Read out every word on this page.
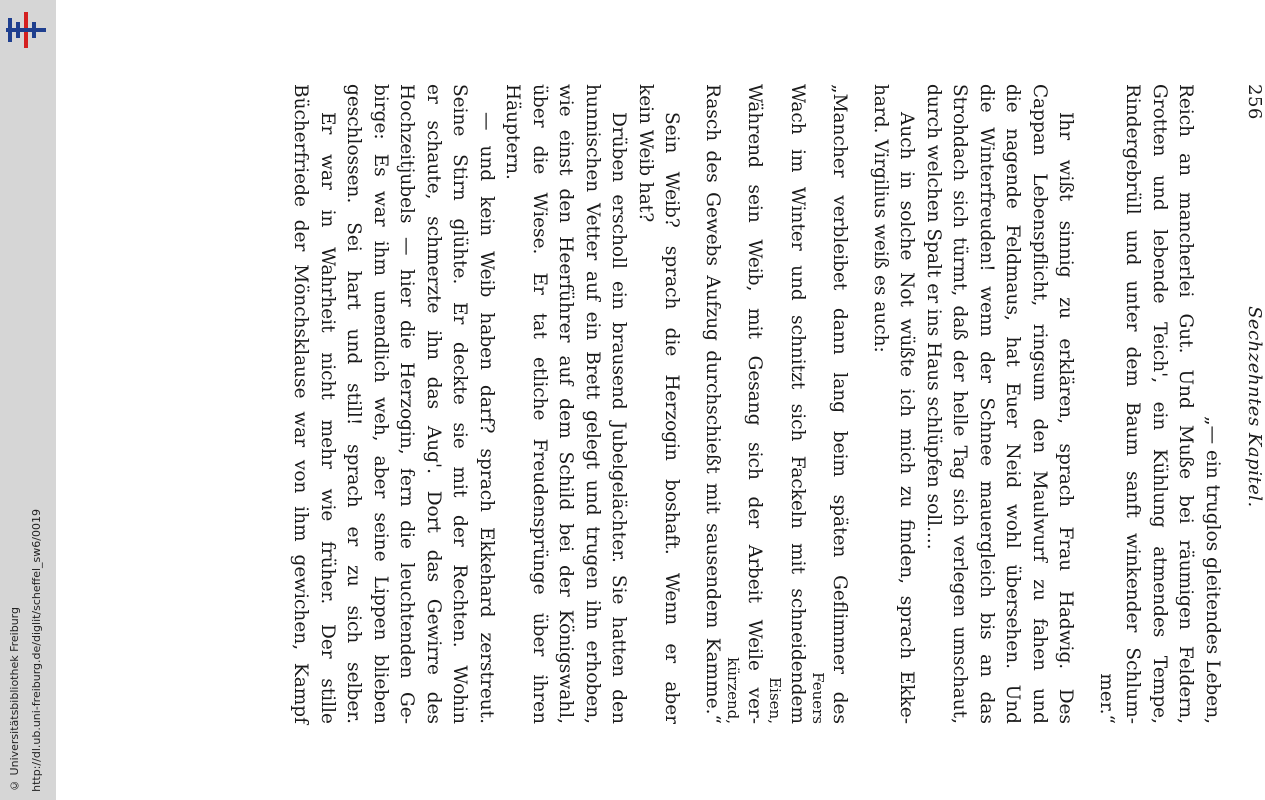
http://dl.ub.uni-freiburg.de/diglit/scheffel_sw6/0019
© Universitätsbibliothek Freiburg
256
Sechzehntes Kapitel.
„— ein truglos gleitendes Leben,
Reich an mancherlei Gut. Und Muße bei räumigen Feldern,
Grotten und lebende Teich', ein Kühlung atmendes Tempe,
Rindergebrüll und unter dem Baum sanft winkender Schlum-
mer.“
Ihr wißt sinnig zu erklären, sprach Frau Hadwig. Des
Cappan Lebenspflicht, ringsum den Maulwurf zu fahen und
die nagende Feldmaus, hat Euer Neid wohl übersehen. Und
die Winterfreuden! wenn der Schnee mauergleich bis an das
Strohdach sich türmt, daß der helle Tag sich verlegen umschaut,
durch welchen Spalt er ins Haus schlüpfen soll....
Auch in solche Not wüßte ich mich zu finden, sprach Ekke-
hard. Virgilius weiß es auch:
„Mancher verbleibet dann lang beim späten Geflimmer des
Feuers
Wach im Winter und schnitzt sich Fackeln mit schneidendem
Eisen,
Während sein Weib, mit Gesang sich der Arbeit Weile ver-
kürzend,
Rasch des Gewebs Aufzug durchschießt mit sausendem Kamme.“
Sein Weib? sprach die Herzogin boshaft. Wenn er aber
kein Weib hat?
Drüben erscholl ein brausend Jubelgelächter. Sie hatten den
hunnischen Vetter auf ein Brett gelegt und trugen ihn erhoben,
wie einst den Heerführer auf dem Schild bei der Königswahl,
über die Wiese. Er tat etliche Freudensprünge über ihren
Häuptern.
— und kein Weib haben darf? sprach Ekkehard zerstreut.
Seine Stirn glühte. Er deckte sie mit der Rechten. Wohin
er schaute, schmerzte ihn das Aug'. Dort das Gewirre des
Hochzeitjubels — hier die Herzogin, fern die leuchtenden Ge-
birge: Es war ihm unendlich weh, aber seine Lippen blieben
geschlossen. Sei hart und still! sprach er zu sich selber.
Er war in Wahrheit nicht mehr wie früher. Der stille
Bücherfriede der Mönchsklause war von ihm gewichen, Kampf
